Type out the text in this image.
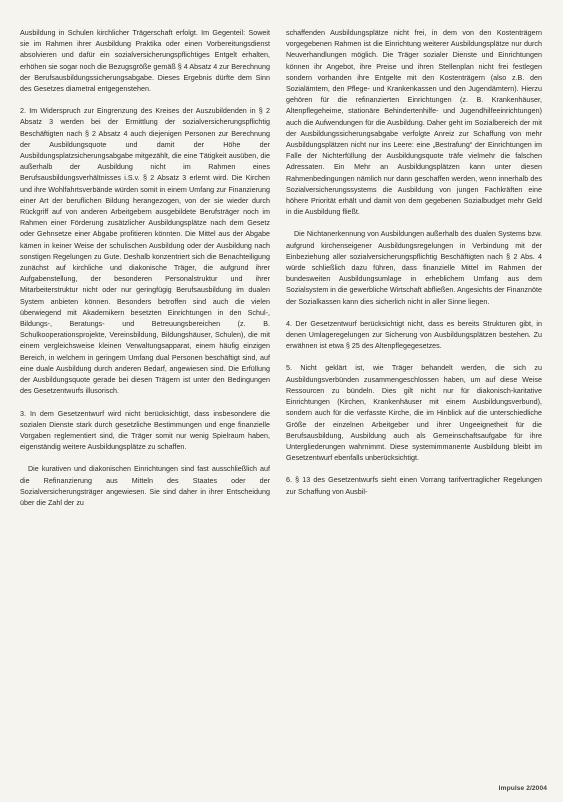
Ausbildung in Schulen kirchlicher Trägerschaft erfolgt. Im Gegenteil: Soweit sie im Rahmen ihrer Ausbildung Praktika oder einen Vorbereitungsdienst absolvieren und dafür ein sozialversicherungspflichtiges Entgelt erhalten, erhöhen sie sogar noch die Bezugsgröße gemäß § 4 Absatz 4 zur Berechnung der Berufsausbildungssicherungsabgabe. Dieses Ergebnis dürfte dem Sinn des Gesetzes diametral entgegenstehen.

2. Im Widerspruch zur Eingrenzung des Kreises der Auszubildenden in § 2 Absatz 3 werden bei der Ermittlung der sozialversicherungspflichtig Beschäftigten nach § 2 Absatz 4 auch diejenigen Personen zur Berechnung der Ausbildungsquote und damit der Höhe der Ausbildungsplatzsicherungsabgabe mitgezählt, die eine Tätigkeit ausüben, die außerhalb der Ausbildung nicht im Rahmen eines Berufsausbildungsverhältnisses i.S.v. § 2 Absatz 3 erlernt wird. Die Kirchen und ihre Wohlfahrtsverbände würden somit in einem Umfang zur Finanzierung einer Art der beruflichen Bildung herangezogen, von der sie wieder durch Rückgriff auf von anderen Arbeitgebern ausgebildete Berufsträger noch im Rahmen einer Förderung zusätzlicher Ausbildungsplätze nach dem Gesetz oder Gehnsetze einer Abgabe profitieren könnten. Die Mittel aus der Abgabe kämen in keiner Weise der schulischen Ausbildung oder der Ausbildung nach sonstigen Regelungen zu Gute. Deshalb konzentriert sich die Benachteiligung zunächst auf kirchliche und diakonische Träger, die aufgrund ihrer Aufgabenstellung, der besonderen Personalstruktur und ihrer Mitarbeiterstruktur nicht oder nur geringfügig Berufsausbildung im dualen System anbieten können. Besonders betroffen sind auch die vielen überwiegend mit Akademikern besetzten Einrichtungen in den Schul-, Bildungs-, Beratungs- und Betreuungsbereichen (z. B. Schulkooperationsprojekte, Vereinsbildung, Bildungshäuser, Schulen), die mit einem vergleichsweise kleinen Verwaltungsapparat, einem häufig einzigen Bereich, in welchem in geringem Umfang dual Personen beschäftigt sind, auf eine duale Ausbildung durch anderen Bedarf, angewiesen sind. Die Erfüllung der Ausbildungsquote gerade bei diesen Trägern ist unter den Bedingungen des Gesetzentwurfs illusorisch.

3. In dem Gesetzentwurf wird nicht berücksichtigt, dass insbesondere die sozialen Dienste stark durch gesetzliche Bestimmungen und enge finanzielle Vorgaben reglementiert sind, die Träger somit nur wenig Spielraum haben, eigenständig weitere Ausbildungsplätze zu schaffen.

Die kurativen und diakonischen Einrichtungen sind fast ausschließlich auf die Refinanzierung aus Mitteln des Staates oder der Sozialversicherungsträger angewiesen. Sie sind daher in ihrer Entscheidung über die Zahl der zu

schaffenden Ausbildungsplätze nicht frei, in dem von den Kostenträgern vorgegebenen Rahmen ist die Einrichtung weiterer Ausbildungsplätze nur durch Neuverhandlungen möglich. Die Träger sozialer Dienste und Einrichtungen können ihr Angebot, ihre Preise und ihren Stellenplan nicht frei festlegen sondern vorhanden ihre Entgelte mit den Kostenträgern (also z.B. den Sozialämtern, den Pflege- und Krankenkassen und den Jugendämtern). Hierzu gehören für die refinanzierten Einrichtungen (z. B. Krankenhäuser, Altenpflegeheime, stationäre Behindertenhilfe- und Jugendhilfeeinrichtungen) auch die Aufwendungen für die Ausbildung. Daher geht im Sozialbereich der mit der Ausbildungssicherungsabgabe verfolgte Anreiz zur Schaffung von mehr Ausbildungsplätzen nicht nur ins Leere: eine „Bestrafung“ der Einrichtungen im Falle der Nichterfüllung der Ausbildungsquote träfe vielmehr die falschen Adressaten. Ein Mehr an Ausbildungsplätzen kann unter diesen Rahmenbedingungen nämlich nur dann geschaffen werden, wenn innerhalb des Sozialversicherungssystems die Ausbildung von jungen Fachkräften eine höhere Priorität erhält und damit von dem gegebenen Sozialbudget mehr Geld in die Ausbildung fließt.

Die Nichtanerkennung von Ausbildungen außerhalb des dualen Systems bzw. aufgrund kirchenseigener Ausbildungsregelungen in Verbindung mit der Einbeziehung aller sozialversicherungspflichtig Beschäftigten nach § 2 Abs. 4 würde schließlich dazu führen, dass finanzielle Mittel im Rahmen der bundesweiten Ausbildungsumlage in erheblichem Umfang aus dem Sozialsystem in die gewerbliche Wirtschaft abfließen. Angesichts der Finanznöte der Sozialkassen kann dies sicherlich nicht in aller Sinne liegen.

4. Der Gesetzentwurf berücksichtigt nicht, dass es bereits Strukturen gibt, in denen Umlageregelungen zur Sicherung von Ausbildungsplätzen bestehen. Zu erwähnen ist etwa § 25 des Altenpflegegesetzes.

5. Nicht geklärt ist, wie Träger behandelt werden, die sich zu Ausbildungsverbünden zusammengeschlossen haben, um auf diese Weise Ressourcen zu bündeln. Dies gilt nicht nur für diakonisch-karitative Einrichtungen (Kirchen, Krankenhäuser mit einem Ausbildungsverbund), sondern auch für die verfasste Kirche, die im Hinblick auf die unterschiedliche Größe der einzelnen Arbeitgeber und ihrer Ungeeignetheit für die Berufsausbildung, Ausbildung auch als Gemeinschaftsaufgabe für ihre Untergliederungen wahrnimmt. Diese systemimmanente Ausbildung bleibt im Gesetzentwurf ebenfalls unberücksichtigt.

6. § 13 des Gesetzentwurfs sieht einen Vorrang tarifvertraglicher Regelungen zur Schaffung von Ausbil-

Impulse 2/2004
